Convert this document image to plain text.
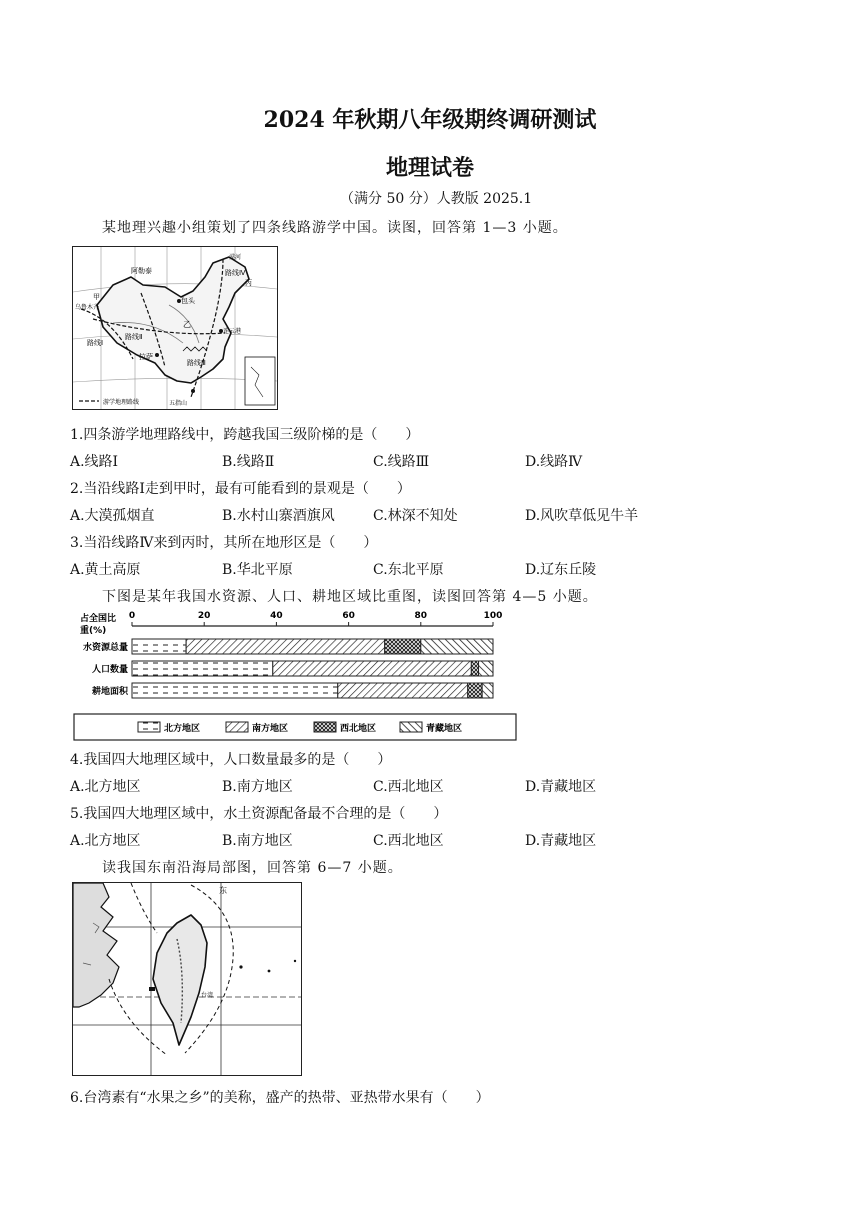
2024 年秋期八年级期终调研测试
地理试卷
（满分 50 分）人教版 2025.1
某地理兴趣小组策划了四条线路游学中国。读图，回答第 1—3 小题。
阿勒泰
甲
乌鲁木齐
路线Ⅱ
路线Ⅰ
拉萨
包头
乙
连云港
路线Ⅲ
丙
漠河
路线Ⅳ
五指山
游学地理路线
1.四条游学地理路线中，跨越我国三级阶梯的是（　　）
A.线路Ⅰ	B.线路Ⅱ	C.线路Ⅲ	D.线路Ⅳ
2.当沿线路Ⅰ走到甲时，最有可能看到的景观是（　　）
A.大漠孤烟直	B.水村山寨酒旗风	C.林深不知处	D.风吹草低见牛羊
3.当沿线路Ⅳ来到丙时，其所在地形区是（　　）
A.黄土高原	B.华北平原	C.东北平原	D.辽东丘陵
下图是某年我国水资源、人口、耕地区域比重图，读图回答第 4—5 小题。
占全国比
重(%)
0	20	40	60	80	100
水资源总量
人口数量
耕地面积
北方地区	南方地区	西北地区	青藏地区
4.我国四大地理区域中，人口数量最多的是（　　）
A.北方地区	B.南方地区	C.西北地区	D.青藏地区
5.我国四大地理区域中，水土资源配备最不合理的是（　　）
A.北方地区	B.南方地区	C.西北地区	D.青藏地区
读我国东南沿海局部图，回答第 6—7 小题。
东
台湾
6.台湾素有“水果之乡”的美称，盛产的热带、亚热带水果有（　　）
